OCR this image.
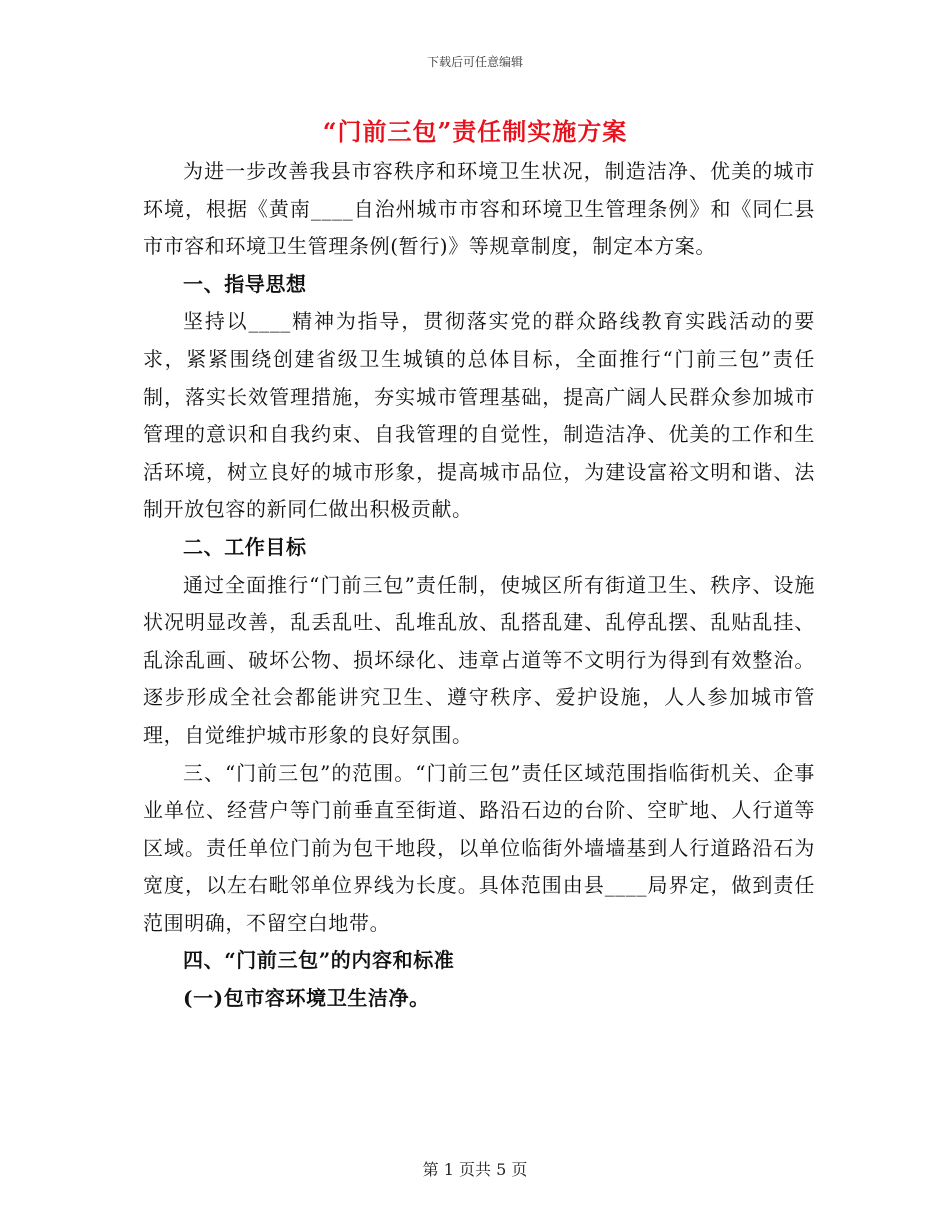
下载后可任意编辑
“门前三包”责任制实施方案

为进一步改善我县市容秩序和环境卫生状况，制造洁净、优美的城市环境，根据《黄南____自治州城市市容和环境卫生管理条例》和《同仁县市市容和环境卫生管理条例(暂行)》等规章制度，制定本方案。

一、指导思想

坚持以____精神为指导，贯彻落实党的群众路线教育实践活动的要求，紧紧围绕创建省级卫生城镇的总体目标，全面推行“门前三包”责任制，落实长效管理措施，夯实城市管理基础，提高广阔人民群众参加城市管理的意识和自我约束、自我管理的自觉性，制造洁净、优美的工作和生活环境，树立良好的城市形象，提高城市品位，为建设富裕文明和谐、法制开放包容的新同仁做出积极贡献。

二、工作目标

通过全面推行“门前三包”责任制，使城区所有街道卫生、秩序、设施状况明显改善，乱丢乱吐、乱堆乱放、乱搭乱建、乱停乱摆、乱贴乱挂、乱涂乱画、破坏公物、损坏绿化、违章占道等不文明行为得到有效整治。逐步形成全社会都能讲究卫生、遵守秩序、爱护设施，人人参加城市管理，自觉维护城市形象的良好氛围。

三、“门前三包”的范围。“门前三包”责任区域范围指临街机关、企事业单位、经营户等门前垂直至街道、路沿石边的台阶、空旷地、人行道等区域。责任单位门前为包干地段，以单位临街外墙墙基到人行道路沿石为宽度，以左右毗邻单位界线为长度。具体范围由县____局界定，做到责任范围明确，不留空白地带。

四、“门前三包”的内容和标准

(一)包市容环境卫生洁净。

第 1 页共 5 页
